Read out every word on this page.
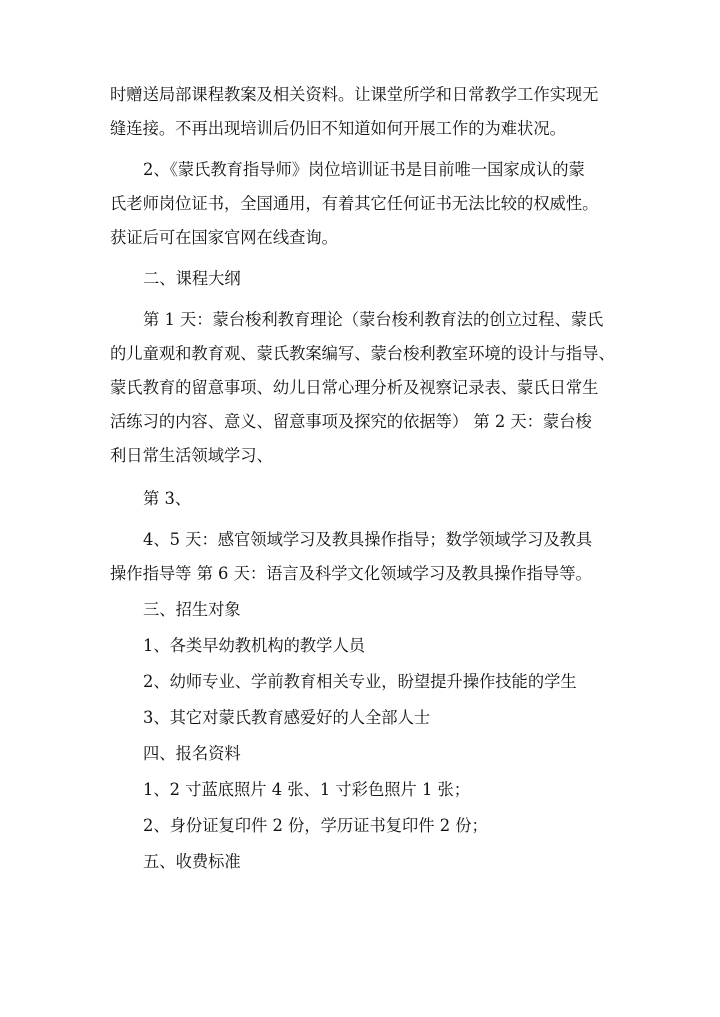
时赠送局部课程教案及相关资料。让课堂所学和日常教学工作实现无

缝连接。不再出现培训后仍旧不知道如何开展工作的为难状况。

2、《蒙氏教育指导师》岗位培训证书是目前唯一国家成认的蒙

氏老师岗位证书，全国通用，有着其它任何证书无法比较的权威性。

获证后可在国家官网在线查询。

二、课程大纲

第 1 天：蒙台梭利教育理论（蒙台梭利教育法的创立过程、蒙氏

的儿童观和教育观、蒙氏教案编写、蒙台梭利教室环境的设计与指导、

蒙氏教育的留意事项、幼儿日常心理分析及视察记录表、蒙氏日常生

活练习的内容、意义、留意事项及探究的依据等） 第 2 天：蒙台梭

利日常生活领域学习、

第 3、

4、5 天：感官领域学习及教具操作指导；数学领域学习及教具

操作指导等 第 6 天：语言及科学文化领域学习及教具操作指导等。

三、招生对象

1、各类早幼教机构的教学人员

2、幼师专业、学前教育相关专业，盼望提升操作技能的学生

3、其它对蒙氏教育感爱好的人全部人士

四、报名资料

1、2 寸蓝底照片 4 张、1 寸彩色照片 1 张；

2、身份证复印件 2 份，学历证书复印件 2 份；

五、收费标准
